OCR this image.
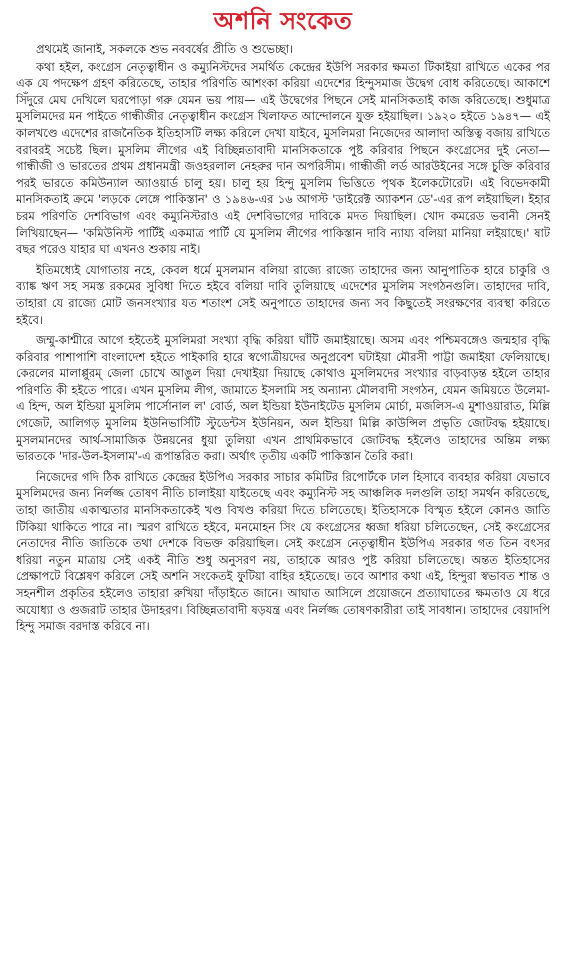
অশনি সংকেত

প্রথমেই জানাই, সকলকে শুভ নববর্ষের প্রীতি ও শুভেচ্ছা।

কথা হইল, কংগ্রেস নেতৃত্বাধীন ও কম্যুনিস্টদের সমর্থিত কেন্দ্রের ইউপি সরকার ক্ষমতা টিকাইয়া রাখিতে একের পর এক যে পদক্ষেপ গ্রহণ করিতেছে, তাহার পরিণতি আশংকা করিয়া এদেশের হিন্দুসমাজ উদ্বেগ বোধ করিতেছে। আকাশে সিঁদুরে মেঘ দেখিলে ঘরপোড়া গরু যেমন ভয় পায়— এই উদ্বেগের পিছনে সেই মানসিকতাই কাজ করিতেছে। শুধুমাত্র মুসলিমদের মন পাইতে গান্ধীজীর নেতৃত্বাধীন কংগ্রেস খিলাফত আন্দোলনে যুক্ত হইয়াছিল। ১৯২০ হইতে ১৯৪৭— এই কালখণ্ডে এদেশের রাজনৈতিক ইতিহাসটি লক্ষ্য করিলে দেখা যাইবে, মুসলিমরা নিজেদের আলাদা অস্তিত্ব বজায় রাখিতে বরাবরই সচেষ্ট ছিল। মুসলিম লীগের এই বিচ্ছিন্নতাবাদী মানসিকতাকে পুষ্ট করিবার পিছনে কংগ্রেসের দুই নেতা— গান্ধীজী ও ভারতের প্রথম প্রধানমন্ত্রী জওহরলাল নেহরুর দান অপরিসীম। গান্ধীজী লর্ড আরউইনের সঙ্গে চুক্তি করিবার পরই ভারতে কমিউন্যাল অ্যাওয়ার্ড চালু হয়। চালু হয় হিন্দু মুসলিম ভিত্তিতে পৃথক ইলেকটোরেট। এই বিভেদকামী মানসিকতাই ক্রমে 'লড়কে লেঙ্গে পাকিস্তান' ও ১৯৪৬-এর ১৬ আগস্ট 'ডাইরেক্ট অ্যাকশন ডে'-এর রূপ লইয়াছিল। ইহার চরম পরিণতি দেশবিভাগ এবং কম্যুনিস্টরাও এই দেশবিভাগের দাবিকে মদত দিয়াছিল। খোদ কমরেড ভবানী সেনই লিখিয়াছেন— 'কমিউনিস্ট পার্টিই একমাত্র পার্টি যে মুসলিম লীগের পাকিস্তান দাবি ন্যায্য বলিয়া মানিয়া লইয়াছে।' ষাট বছর পরেও যাহার ঘা এখনও শুকায় নাই।

ইতিমধ্যেই যোগাতায় নহে, কেবল ধর্মে মুসলমান বলিয়া রাজ্যে রাজ্যে তাহাদের জন্য আনুপাতিক হারে চাকুরি ও ব্যাঙ্ক ঋণ সহ সমস্ত রকমের সুবিধা দিতে হইবে বলিয়া দাবি তুলিয়াছে এদেশের মুসলিম সংগঠনগুলি। তাহাদের দাবি, তাহারা যে রাজ্যে মোট জনসংখ্যার যত শতাংশ সেই অনুপাতে তাহাদের জন্য সব কিছুতেই সংরক্ষণের ব্যবস্থা করিতে হইবে।

জম্মু-কাশ্মীরে আগে হইতেই মুসলিমরা সংখ্যা বৃদ্ধি করিয়া ঘাঁটি জমাইয়াছে। অসম এবং পশ্চিমবঙ্গেও জন্মহার বৃদ্ধি করিবার পাশাপাশি বাংলাদেশ হইতে পাইকারি হারে স্বগোত্রীয়দের অনুপ্রবেশ ঘটাইয়া মৌরসী পাট্টা জমাইয়া ফেলিয়াছে। কেরলের মালাপ্পুরম্‌ জেলা চোখে আঙুল দিয়া দেখাইয়া দিয়াছে কোথাও মুসলিমদের সংখ্যার বাড়বাড়ন্ত হইলে তাহার পরিণতি কী হইতে পারে। এখন মুসলিম লীগ, জামাতে ইসলামি সহ অন্যান্য মৌলবাদী সংগঠন, যেমন জমিয়তে উলেমা-এ হিন্দ, অল ইন্ডিয়া মুসলিম পার্সোনাল ল' বোর্ড, অল ইন্ডিয়া ইউনাইটেড মুসলিম মোর্চা, মজলিস-এ মুশাওয়ারাত, মিল্লি গেজেট, আলিগড় মুসলিম ইউনিভার্সিটি স্টুডেন্টস ইউনিয়ন, অল ইন্ডিয়া মিল্লি কাউন্সিল প্রভৃতি জোটবদ্ধ হইয়াছে। মুসলমানদের আর্থ-সামাজিক উন্নয়নের ধুয়া তুলিয়া এখন প্রাথমিকভাবে জোটবদ্ধ হইলেও তাহাদের অন্তিম লক্ষ্য ভারতকে 'দার-উল-ইসলাম'-এ রূপান্তরিত করা। অর্থাৎ তৃতীয় একটি পাকিস্তান তৈরি করা।

নিজেদের গদি ঠিক রাখিতে কেন্দ্রের ইউপিএ সরকার সাচার কমিটির রিপোর্টকে ঢাল হিসাবে ব্যবহার করিয়া যেভাবে মুসলিমদের জন্য নির্লজ্জ তোষণ নীতি চালাইয়া যাইতেছে এবং কম্যুনিস্ট সহ আঞ্চলিক দলগুলি তাহা সমর্থন করিতেছে, তাহা জাতীয় একাত্মতার মানসিকতাকেই খণ্ড বিখণ্ড করিয়া দিতে চলিতেছে। ইতিহাসকে বিস্মৃত হইলে কোনও জাতি টিকিয়া থাকিতে পারে না। স্মরণ রাখিতে হইবে, মনমোহন সিং যে কংগ্রেসের ধ্বজা ধরিয়া চলিতেছেন, সেই কংগ্রেসের নেতাদের নীতি জাতিকে তথা দেশকে বিভক্ত করিয়াছিল। সেই কংগ্রেস নেতৃত্বাধীন ইউপিএ সরকার গত তিন বৎসর ধরিয়া নতুন মাত্রায় সেই একই নীতি শুধু অনুসরণ নয়, তাহাকে আরও পুষ্ট করিয়া চলিতেছে। অন্তত ইতিহাসের প্রেক্ষাপটে বিশ্লেষণ করিলে সেই অশনি সংকেতই ফুটিয়া বাহির হইতেছে। তবে আশার কথা এই, হিন্দুরা স্বভাবত শান্ত ও সহনশীল প্রকৃতির হইলেও তাহারা রুখিয়া দাঁড়াইতে জানে। আঘাত আসিলে প্রয়োজনে প্রত্যাঘাতের ক্ষমতাও যে ধরে অযোধ্যা ও গুজরাট তাহার উদাহরণ। বিচ্ছিন্নতাবাদী ষড়যন্ত্র এবং নির্লজ্জ তোষণকারীরা তাই সাবধান। তাহাদের বেয়াদপি হিন্দু সমাজ বরদাস্ত করিবে না।
